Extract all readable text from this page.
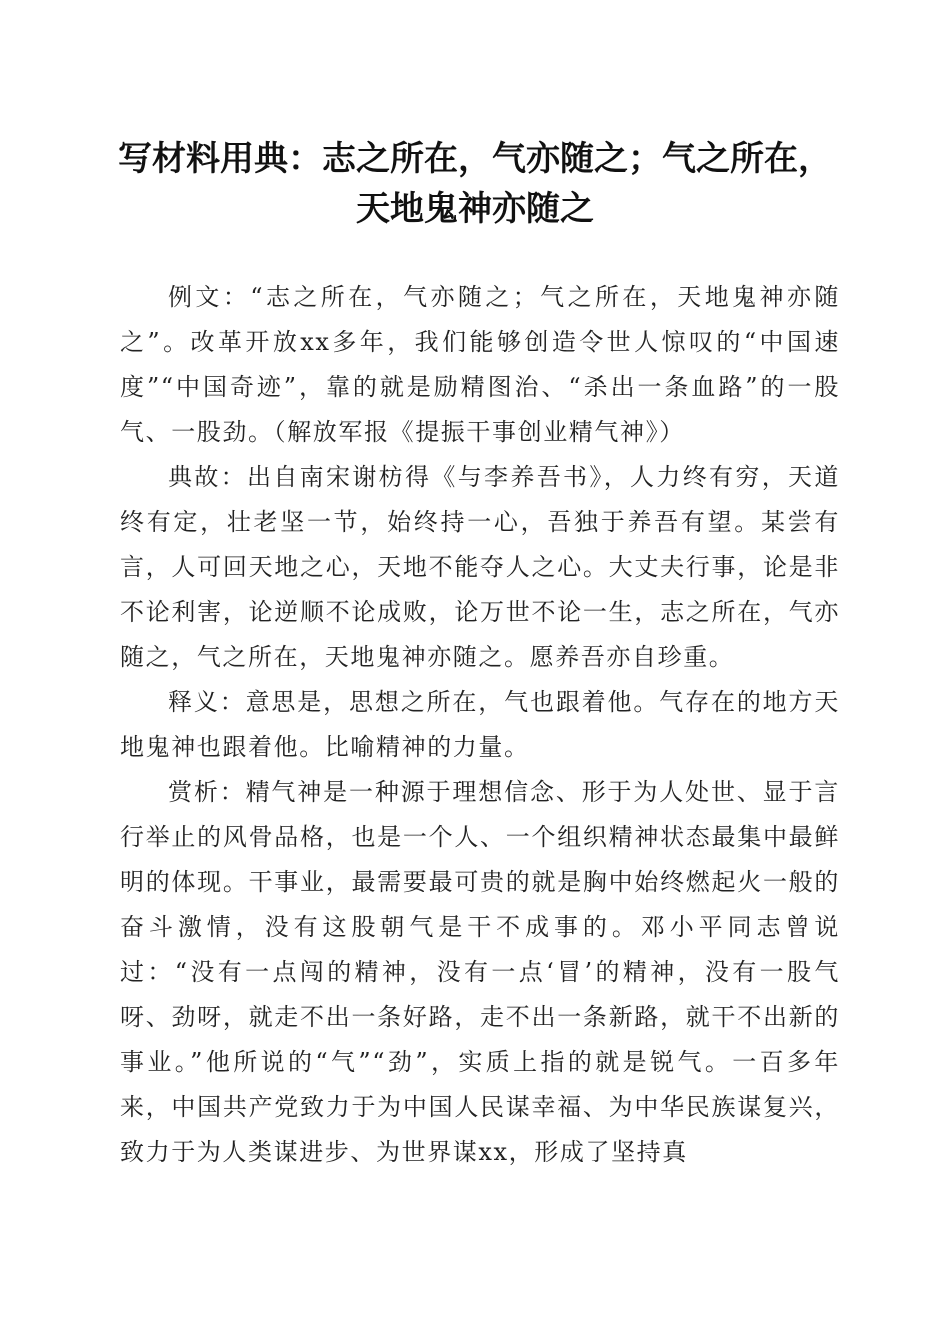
写材料用典：志之所在，气亦随之；气之所在，
天地鬼神亦随之

例文：“志之所在，气亦随之；气之所在，天地鬼神亦随之”。改革开放xx多年，我们能够创造令世人惊叹的“中国速度”“中国奇迹”，靠的就是励精图治、“杀出一条血路”的一股气、一股劲。（解放军报《提振干事创业精气神》）

典故：出自南宋谢枋得《与李养吾书》，人力终有穷，天道终有定，壮老坚一节，始终持一心，吾独于养吾有望。某尝有言，人可回天地之心，天地不能夺人之心。大丈夫行事，论是非不论利害，论逆顺不论成败，论万世不论一生，志之所在，气亦随之，气之所在，天地鬼神亦随之。愿养吾亦自珍重。

释义：意思是，思想之所在，气也跟着他。气存在的地方天地鬼神也跟着他。比喻精神的力量。

赏析：精气神是一种源于理想信念、形于为人处世、显于言行举止的风骨品格，也是一个人、一个组织精神状态最集中最鲜明的体现。干事业，最需要最可贵的就是胸中始终燃起火一般的奋斗激情，没有这股朝气是干不成事的。邓小平同志曾说过：“没有一点闯的精神，没有一点‘冒’的精神，没有一股气呀、劲呀，就走不出一条好路，走不出一条新路，就干不出新的事业。”他所说的“气”“劲”，实质上指的就是锐气。一百多年来，中国共产党致力于为中国人民谋幸福、为中华民族谋复兴，致力于为人类谋进步、为世界谋xx，形成了坚持真
